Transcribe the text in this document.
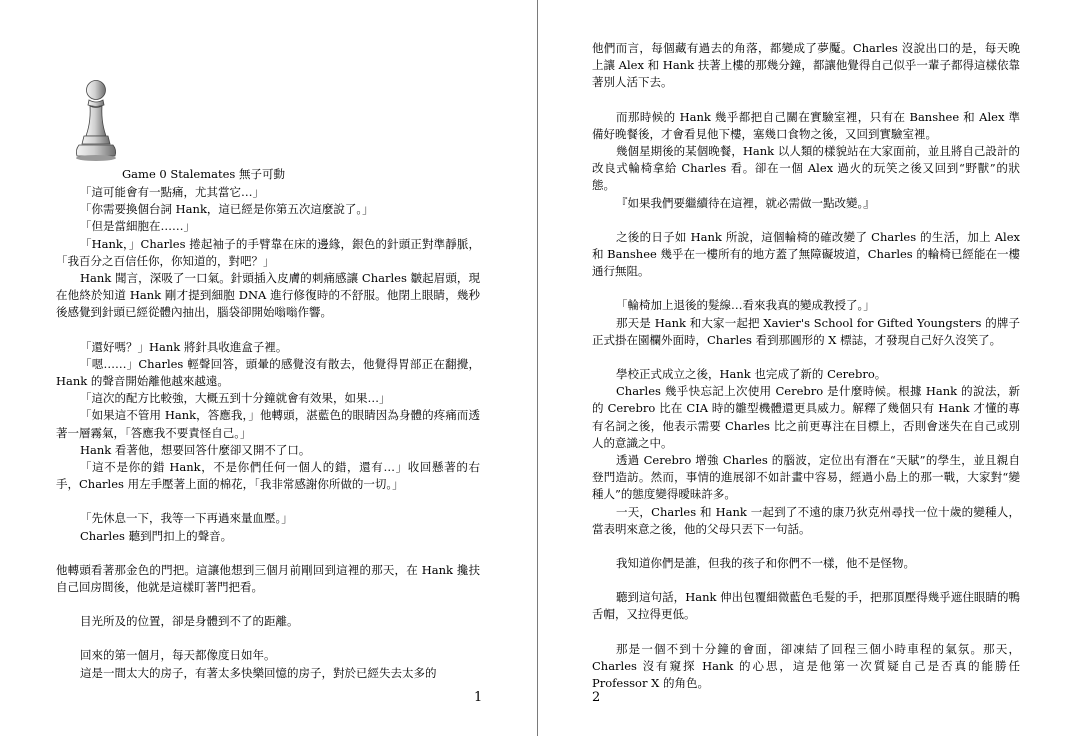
Game 0 Stalemates 無子可動

「這可能會有一點痛，尤其當它…」

「你需要換個台詞 Hank，這已經是你第五次這麼說了。」

「但是當細胞在……」

「Hank，」Charles 捲起袖子的手臂靠在床的邊緣，銀色的針頭正對準靜脈，「我百分之百信任你，你知道的，對吧？」

Hank 聞言，深吸了一口氣。針頭插入皮膚的刺痛感讓 Charles 皺起眉頭，現在他終於知道 Hank 剛才提到細胞 DNA 進行修復時的不舒服。他閉上眼睛，幾秒後感覺到針頭已經從體內抽出，腦袋卻開始嗡嗡作響。

「還好嗎？」Hank 將針具收進盒子裡。

「嗯……」Charles 輕聲回答，頭暈的感覺沒有散去，他覺得胃部正在翻攪，Hank 的聲音開始離他越來越遠。

「這次的配方比較強，大概五到十分鐘就會有效果，如果…」

「如果這不管用 Hank，答應我，」他轉頭，湛藍色的眼睛因為身體的疼痛而透著一層霧氣，「答應我不要責怪自己。」

Hank 看著他，想要回答什麼卻又開不了口。

「這不是你的錯 Hank，不是你們任何一個人的錯，還有…」收回懸著的右手，Charles 用左手壓著上面的棉花，「我非常感謝你所做的一切。」

「先休息一下，我等一下再過來量血壓。」

Charles 聽到門扣上的聲音。

他轉頭看著那金色的門把。這讓他想到三個月前剛回到這裡的那天，在 Hank 攙扶自己回房間後，他就是這樣盯著門把看。

目光所及的位置，卻是身體到不了的距離。

回來的第一個月，每天都像度日如年。

這是一間太大的房子，有著太多快樂回憶的房子，對於已經失去太多的

1

他們而言，每個藏有過去的角落，都變成了夢魘。Charles 沒說出口的是，每天晚上讓 Alex 和 Hank 扶著上樓的那幾分鐘，都讓他覺得自己似乎一輩子都得這樣依靠著別人活下去。

而那時候的 Hank 幾乎都把自己關在實驗室裡，只有在 Banshee 和 Alex 準備好晚餐後，才會看見他下樓，塞幾口食物之後，又回到實驗室裡。

幾個星期後的某個晚餐，Hank 以人類的樣貌站在大家面前，並且將自己設計的改良式輪椅拿給 Charles 看。卻在一個 Alex 過火的玩笑之後又回到“野獸”的狀態。

『如果我們要繼續待在這裡，就必需做一點改變。』

之後的日子如 Hank 所說，這個輪椅的確改變了 Charles 的生活，加上 Alex 和 Banshee 幾乎在一樓所有的地方蓋了無障礙坡道，Charles 的輪椅已經能在一樓通行無阻。

「輪椅加上退後的髮線…看來我真的變成教授了。」

那天是 Hank 和大家一起把 Xavier's School for Gifted Youngsters 的牌子正式掛在園欄外面時，Charles 看到那圓形的 X 標誌，才發現自己好久沒笑了。

學校正式成立之後，Hank 也完成了新的 Cerebro。

Charles 幾乎快忘記上次使用 Cerebro 是什麼時候。根據 Hank 的說法，新的 Cerebro 比在 CIA 時的雛型機體還更具威力。解釋了幾個只有 Hank 才懂的專有名詞之後，他表示需要 Charles 比之前更專注在目標上，否則會迷失在自己或別人的意識之中。

透過 Cerebro 增強 Charles 的腦波，定位出有潛在“天賦”的學生，並且親自登門造訪。然而，事情的進展卻不如計畫中容易，經過小島上的那一戰，大家對“變種人”的態度變得曖昧許多。

一天，Charles 和 Hank 一起到了不遠的康乃狄克州尋找一位十歲的變種人，當表明來意之後，他的父母只丟下一句話。

我知道你們是誰，但我的孩子和你們不一樣，他不是怪物。

聽到這句話，Hank 伸出包覆細微藍色毛髮的手，把那頂壓得幾乎遮住眼睛的鴨舌帽，又拉得更低。

那是一個不到十分鐘的會面，卻凍結了回程三個小時車程的氣氛。那天，Charles 沒有窺探 Hank 的心思，這是他第一次質疑自己是否真的能勝任 Professor X 的角色。

2
